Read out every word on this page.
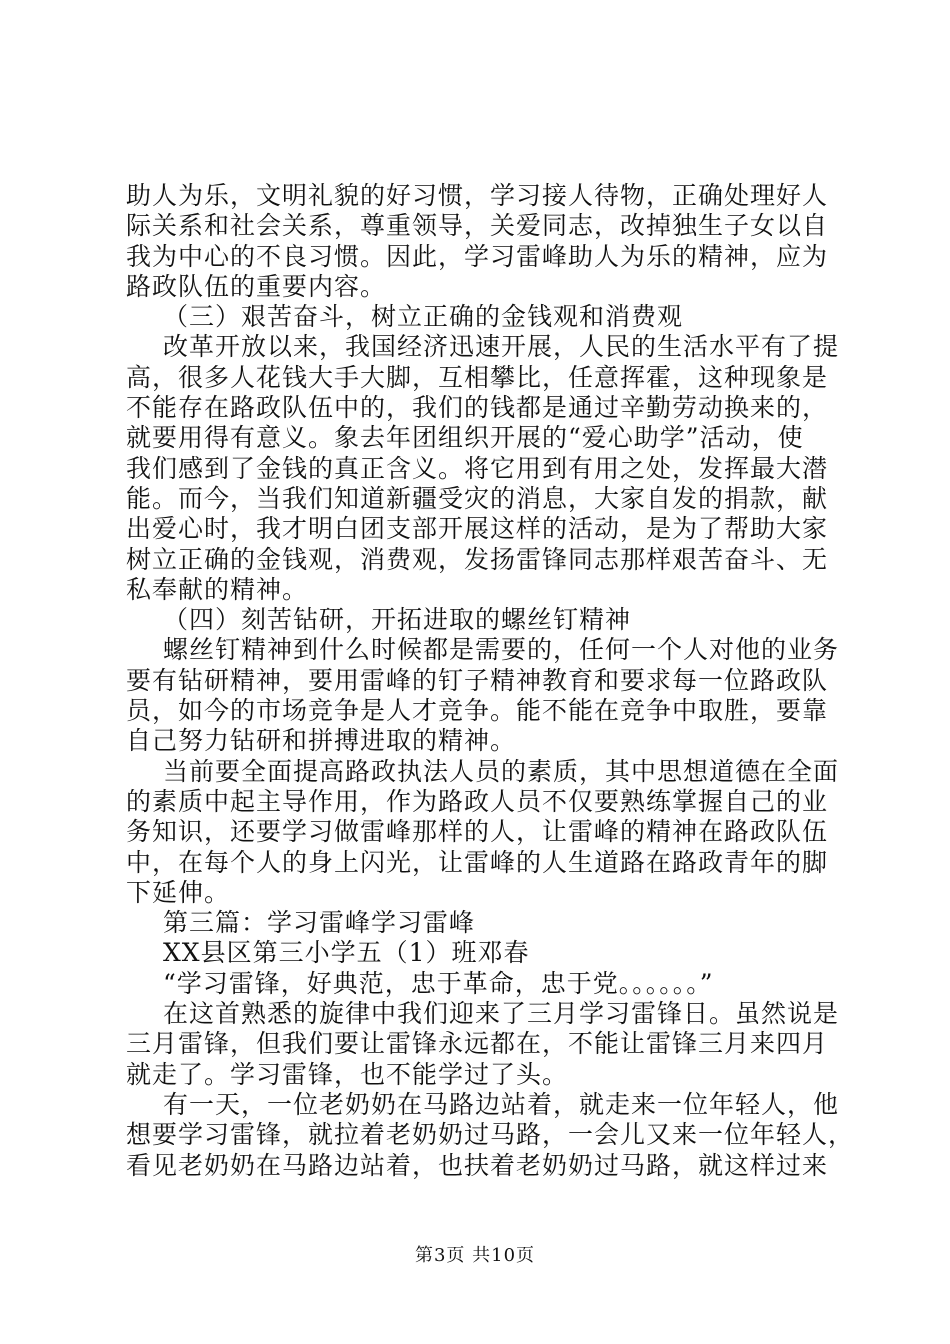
助人为乐，文明礼貌的好习惯，学习接人待物，正确处理好人
际关系和社会关系，尊重领导，关爱同志，改掉独生子女以自
我为中心的不良习惯。因此，学习雷峰助人为乐的精神，应为
路政队伍的重要内容。
（三）艰苦奋斗，树立正确的金钱观和消费观
改革开放以来，我国经济迅速开展，人民的生活水平有了提
高，很多人花钱大手大脚，互相攀比，任意挥霍，这种现象是
不能存在路政队伍中的，我们的钱都是通过辛勤劳动换来的，
就要用得有意义。象去年团组织开展的“爱心助学”活动，使
我们感到了金钱的真正含义。将它用到有用之处，发挥最大潜
能。而今，当我们知道新疆受灾的消息，大家自发的捐款，献
出爱心时，我才明白团支部开展这样的活动，是为了帮助大家
树立正确的金钱观，消费观，发扬雷锋同志那样艰苦奋斗、无
私奉献的精神。
（四）刻苦钻研，开拓进取的螺丝钉精神
螺丝钉精神到什么时候都是需要的，任何一个人对他的业务
要有钻研精神，要用雷峰的钉子精神教育和要求每一位路政队
员，如今的市场竞争是人才竞争。能不能在竞争中取胜，要靠
自己努力钻研和拼搏进取的精神。
当前要全面提高路政执法人员的素质，其中思想道德在全面
的素质中起主导作用，作为路政人员不仅要熟练掌握自己的业
务知识，还要学习做雷峰那样的人，让雷峰的精神在路政队伍
中，在每个人的身上闪光，让雷峰的人生道路在路政青年的脚
下延伸。
第三篇：学习雷峰学习雷峰
XX县区第三小学五（1）班邓春
“学习雷锋，好典范，忠于革命，忠于党。。。。。。”
在这首熟悉的旋律中我们迎来了三月学习雷锋日。虽然说是
三月雷锋，但我们要让雷锋永远都在，不能让雷锋三月来四月
就走了。学习雷锋，也不能学过了头。
有一天，一位老奶奶在马路边站着，就走来一位年轻人，他
想要学习雷锋，就拉着老奶奶过马路，一会儿又来一位年轻人，
看见老奶奶在马路边站着，也扶着老奶奶过马路，就这样过来
第3页 共10页
